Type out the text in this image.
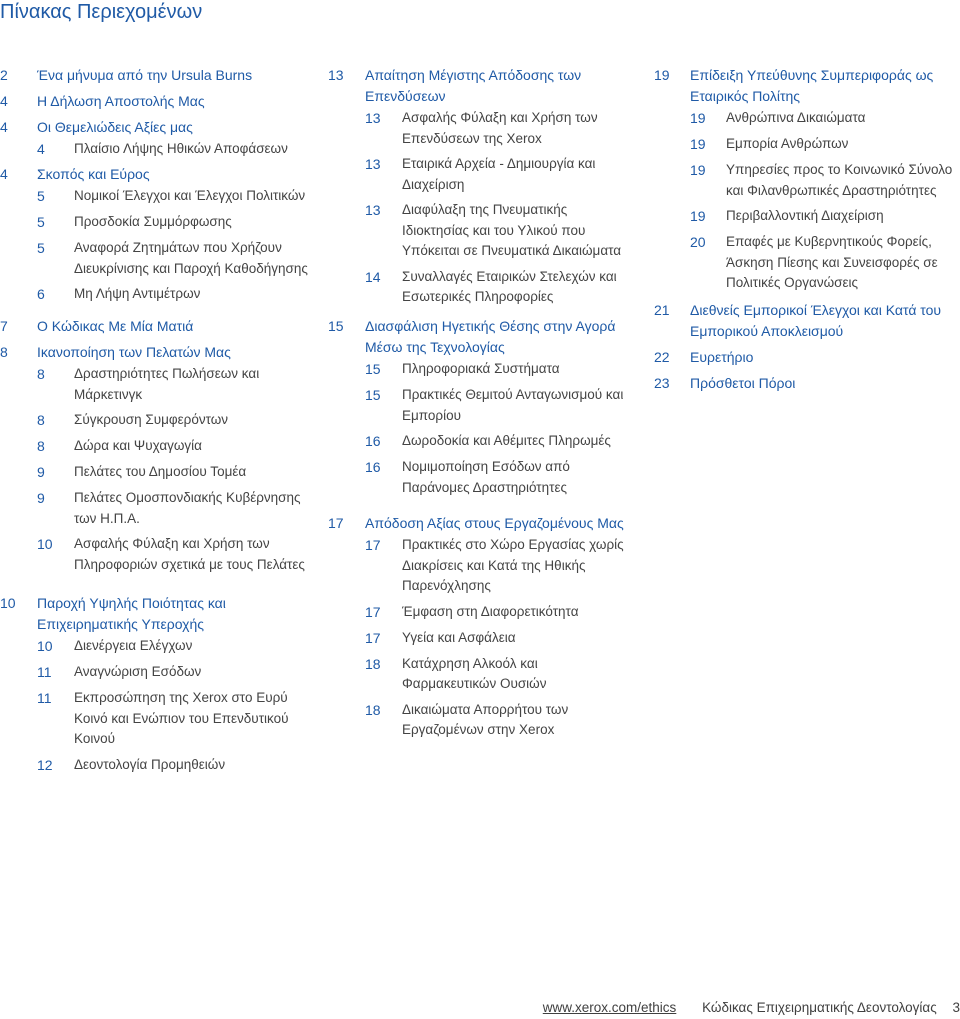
Πίνακας Περιεχομένων
2	Ένα μήνυμα από την Ursula Burns
4	Η Δήλωση Αποστολής Μας
4	Οι Θεμελιώδεις Αξίες μας
4	Πλαίσιο Λήψης Ηθικών Αποφάσεων
4	Σκοπός και Εύρος
5	Νομικοί Έλεγχοι και Έλεγχοι Πολιτικών
5	Προσδοκία Συμμόρφωσης
5	Αναφορά Ζητημάτων που Χρήζουν Διευκρίνισης και Παροχή Καθοδήγησης
6	Μη Λήψη Αντιμέτρων
7	Ο Κώδικας Με Μία Ματιά
8	Ικανοποίηση των Πελατών Μας
8	Δραστηριότητες Πωλήσεων και Μάρκετινγκ
8	Σύγκρουση Συμφερόντων
8	Δώρα και Ψυχαγωγία
9	Πελάτες του Δημοσίου Τομέα
9	Πελάτες Ομοσπονδιακής Κυβέρνησης των Η.Π.Α.
10	Ασφαλής Φύλαξη και Χρήση των Πληροφοριών σχετικά με τους Πελάτες
10	Παροχή Υψηλής Ποιότητας και Επιχειρηματικής Υπεροχής
10	Διενέργεια Ελέγχων
11	Αναγνώριση Εσόδων
11	Εκπροσώπηση της Xerox στο Ευρύ Κοινό και Ενώπιον του Επενδυτικού Κοινού
12	Δεοντολογία Προμηθειών
13	Απαίτηση Μέγιστης Απόδοσης των Επενδύσεων
13	Ασφαλής Φύλαξη και Χρήση των Επενδύσεων της Xerox
13	Εταιρικά Αρχεία - Δημιουργία και Διαχείριση
13	Διαφύλαξη της Πνευματικής Ιδιοκτησίας και του Υλικού που Υπόκειται σε Πνευματικά Δικαιώματα
14	Συναλλαγές Εταιρικών Στελεχών και Εσωτερικές Πληροφορίες
15	Διασφάλιση Ηγετικής Θέσης στην Αγορά Μέσω της Τεχνολογίας
15	Πληροφοριακά Συστήματα
15	Πρακτικές Θεμιτού Ανταγωνισμού και Εμπορίου
16	Δωροδοκία και Αθέμιτες Πληρωμές
16	Νομιμοποίηση Εσόδων από Παράνομες Δραστηριότητες
17	Απόδοση Αξίας στους Εργαζομένους Μας
17	Πρακτικές στο Χώρο Εργασίας χωρίς Διακρίσεις και Κατά της Ηθικής Παρενόχλησης
17	Έμφαση στη Διαφορετικότητα
17	Υγεία και Ασφάλεια
18	Κατάχρηση Αλκοόλ και Φαρμακευτικών Ουσιών
18	Δικαιώματα Απορρήτου των Εργαζομένων στην Xerox
19	Επίδειξη Υπεύθυνης Συμπεριφοράς ως Εταιρικός Πολίτης
19	Ανθρώπινα Δικαιώματα
19	Εμπορία Ανθρώπων
19	Υπηρεσίες προς το Κοινωνικό Σύνολο και Φιλανθρωπικές Δραστηριότητες
19	Περιβαλλοντική Διαχείριση
20	Επαφές με Κυβερνητικούς Φορείς, Άσκηση Πίεσης και Συνεισφορές σε Πολιτικές Οργανώσεις
21	Διεθνείς Εμπορικοί Έλεγχοι και Κατά του Εμπορικού Αποκλεισμού
22	Ευρετήριο
23	Πρόσθετοι Πόροι
www.xerox.com/ethics Κώδικας Επιχειρηματικής Δεοντολογίας 3
